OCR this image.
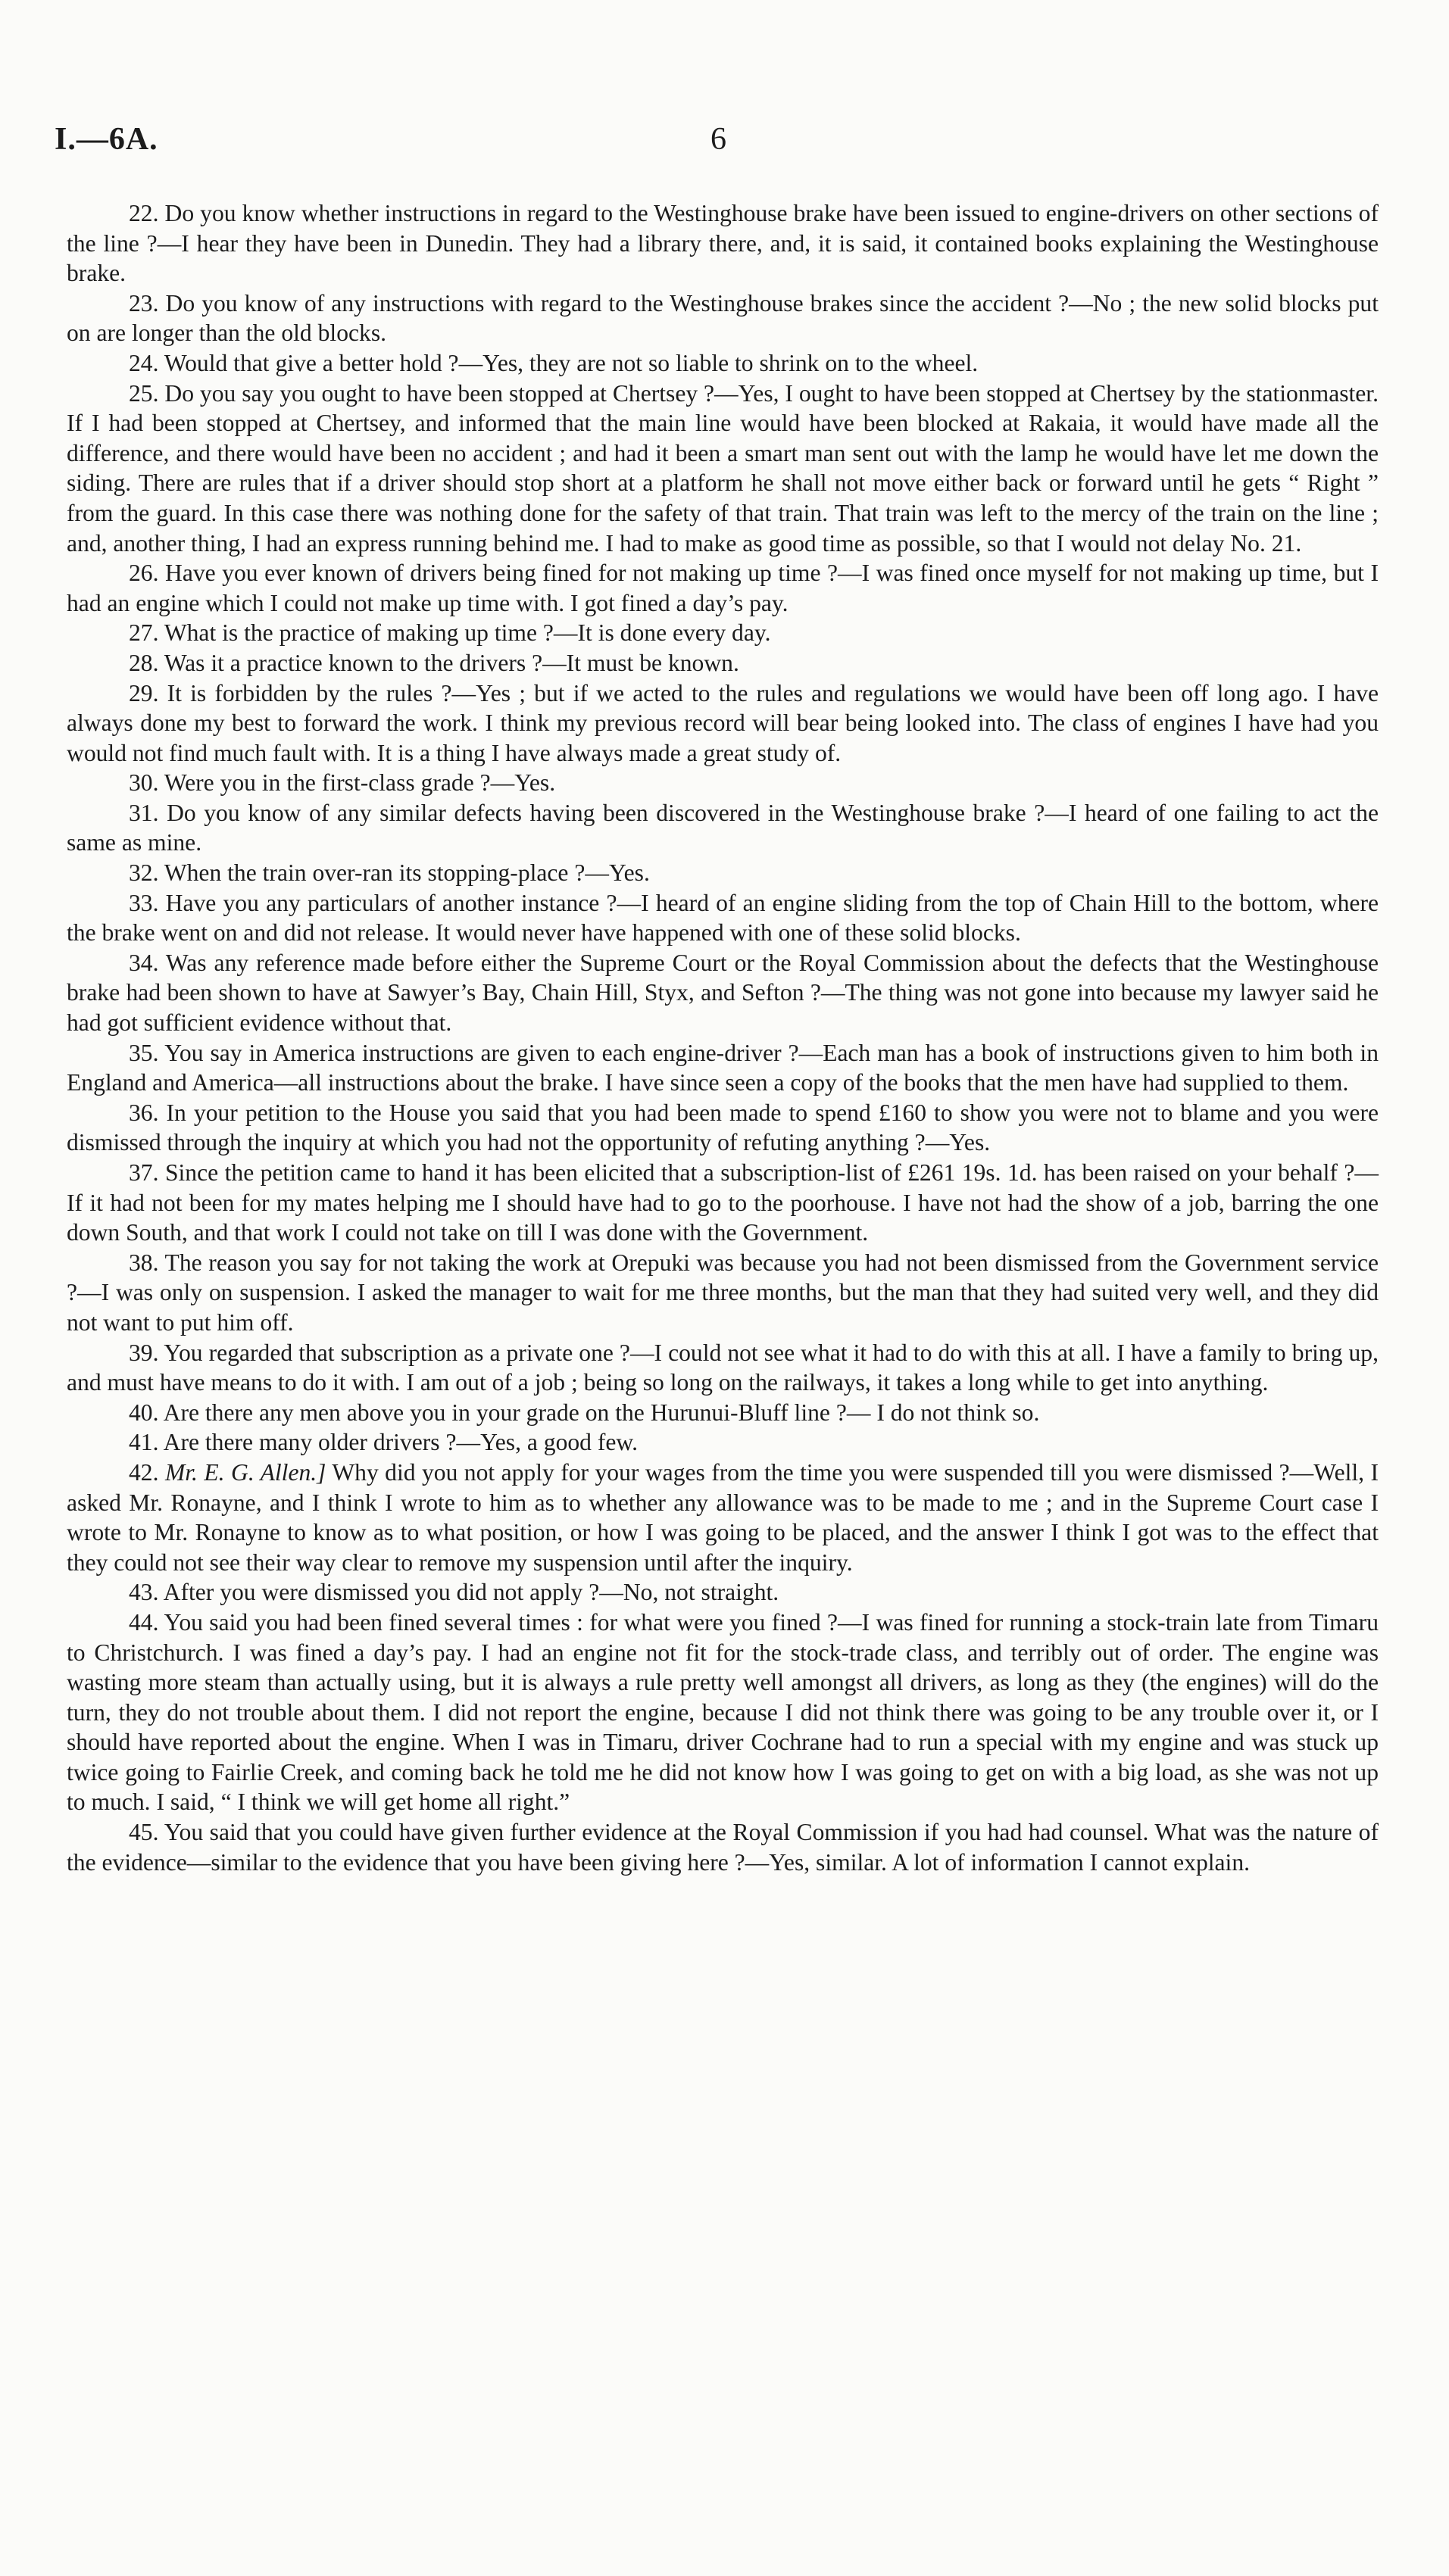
I.—6A.	6

22. Do you know whether instructions in regard to the Westinghouse brake have been issued to engine-drivers on other sections of the line ?—I hear they have been in Dunedin. They had a library there, and, it is said, it contained books explaining the Westinghouse brake.

23. Do you know of any instructions with regard to the Westinghouse brakes since the accident ?—No ; the new solid blocks put on are longer than the old blocks.

24. Would that give a better hold ?—Yes, they are not so liable to shrink on to the wheel.

25. Do you say you ought to have been stopped at Chertsey ?—Yes, I ought to have been stopped at Chertsey by the stationmaster. If I had been stopped at Chertsey, and informed that the main line would have been blocked at Rakaia, it would have made all the difference, and there would have been no accident ; and had it been a smart man sent out with the lamp he would have let me down the siding. There are rules that if a driver should stop short at a platform he shall not move either back or forward until he gets “ Right ” from the guard. In this case there was nothing done for the safety of that train. That train was left to the mercy of the train on the line ; and, another thing, I had an express running behind me. I had to make as good time as possible, so that I would not delay No. 21.

26. Have you ever known of drivers being fined for not making up time ?—I was fined once myself for not making up time, but I had an engine which I could not make up time with. I got fined a day’s pay.

27. What is the practice of making up time ?—It is done every day.

28. Was it a practice known to the drivers ?—It must be known.

29. It is forbidden by the rules ?—Yes ; but if we acted to the rules and regulations we would have been off long ago. I have always done my best to forward the work. I think my previous record will bear being looked into. The class of engines I have had you would not find much fault with. It is a thing I have always made a great study of.

30. Were you in the first-class grade ?—Yes.

31. Do you know of any similar defects having been discovered in the Westinghouse brake ?—I heard of one failing to act the same as mine.

32. When the train over-ran its stopping-place ?—Yes.

33. Have you any particulars of another instance ?—I heard of an engine sliding from the top of Chain Hill to the bottom, where the brake went on and did not release. It would never have happened with one of these solid blocks.

34. Was any reference made before either the Supreme Court or the Royal Commission about the defects that the Westinghouse brake had been shown to have at Sawyer’s Bay, Chain Hill, Styx, and Sefton ?—The thing was not gone into because my lawyer said he had got sufficient evidence without that.

35. You say in America instructions are given to each engine-driver ?—Each man has a book of instructions given to him both in England and America—all instructions about the brake. I have since seen a copy of the books that the men have had supplied to them.

36. In your petition to the House you said that you had been made to spend £160 to show you were not to blame and you were dismissed through the inquiry at which you had not the opportunity of refuting anything ?—Yes.

37. Since the petition came to hand it has been elicited that a subscription-list of £261 19s. 1d. has been raised on your behalf ?—If it had not been for my mates helping me I should have had to go to the poorhouse. I have not had the show of a job, barring the one down South, and that work I could not take on till I was done with the Government.

38. The reason you say for not taking the work at Orepuki was because you had not been dismissed from the Government service ?—I was only on suspension. I asked the manager to wait for me three months, but the man that they had suited very well, and they did not want to put him off.

39. You regarded that subscription as a private one ?—I could not see what it had to do with this at all. I have a family to bring up, and must have means to do it with. I am out of a job ; being so long on the railways, it takes a long while to get into anything.

40. Are there any men above you in your grade on the Hurunui-Bluff line ?— I do not think so.

41. Are there many older drivers ?—Yes, a good few.

42. Mr. E. G. Allen.] Why did you not apply for your wages from the time you were suspended till you were dismissed ?—Well, I asked Mr. Ronayne, and I think I wrote to him as to whether any allowance was to be made to me ; and in the Supreme Court case I wrote to Mr. Ronayne to know as to what position, or how I was going to be placed, and the answer I think I got was to the effect that they could not see their way clear to remove my suspension until after the inquiry.

43. After you were dismissed you did not apply ?—No, not straight.

44. You said you had been fined several times : for what were you fined ?—I was fined for running a stock-train late from Timaru to Christchurch. I was fined a day’s pay. I had an engine not fit for the stock-trade class, and terribly out of order. The engine was wasting more steam than actually using, but it is always a rule pretty well amongst all drivers, as long as they (the engines) will do the turn, they do not trouble about them. I did not report the engine, because I did not think there was going to be any trouble over it, or I should have reported about the engine. When I was in Timaru, driver Cochrane had to run a special with my engine and was stuck up twice going to Fairlie Creek, and coming back he told me he did not know how I was going to get on with a big load, as she was not up to much. I said, “ I think we will get home all right.”

45. You said that you could have given further evidence at the Royal Commission if you had had counsel. What was the nature of the evidence—similar to the evidence that you have been giving here ?—Yes, similar. A lot of information I cannot explain.
